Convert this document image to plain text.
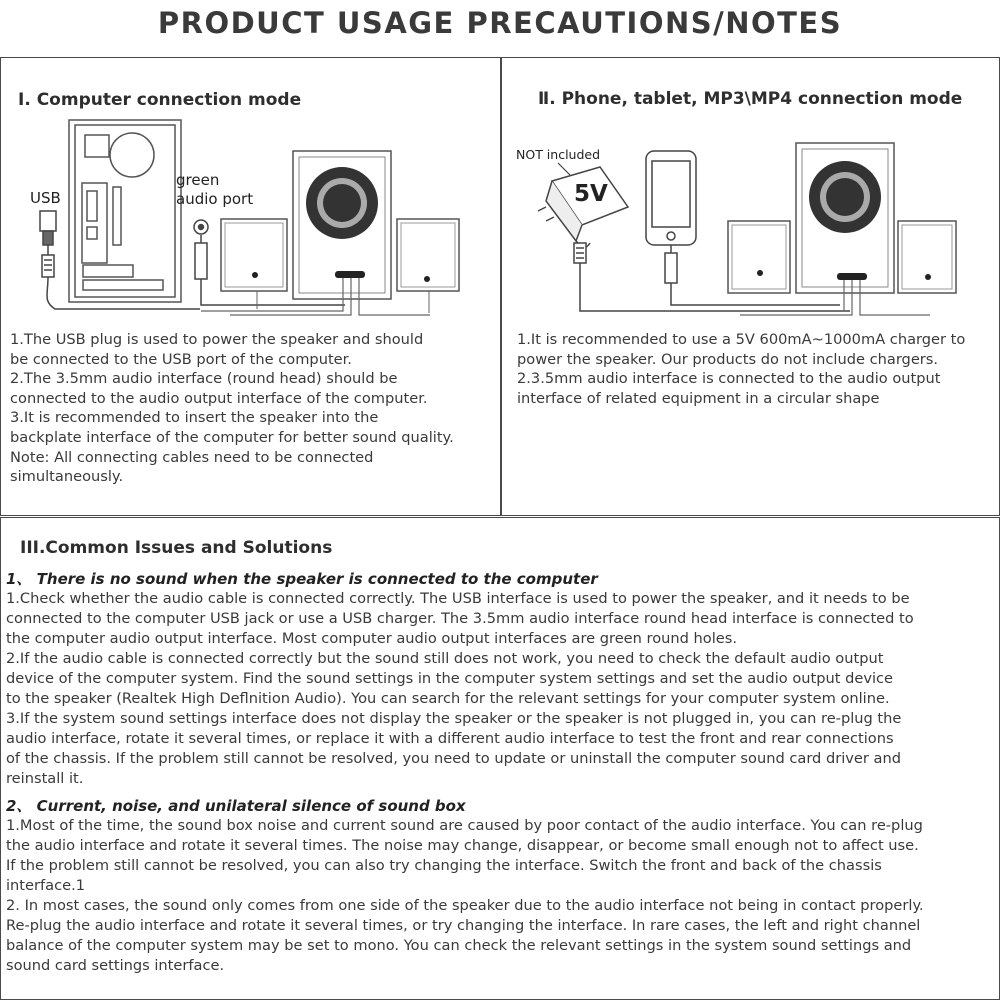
PRODUCT USAGE PRECAUTIONS/NOTES
Ⅰ. Computer connection mode
USB
green
audio port
1.The USB plug is used to power the speaker and should
be connected to the USB port of the computer.
2.The 3.5mm audio interface (round head) should be
connected to the audio output interface of the computer.
3.It is recommended to insert the speaker into the
backplate interface of the computer for better sound quality.
Note: All connecting cables need to be connected
simultaneously.
Ⅱ. Phone, tablet, MP3\MP4 connection mode
NOT included
5V
1.It is recommended to use a 5V 600mA~1000mA charger to
power the speaker. Our products do not include chargers.
2.3.5mm audio interface is connected to the audio output
interface of related equipment in a circular shape
III.Common Issues and Solutions
1、 There is no sound when the speaker is connected to the computer
1.Check whether the audio cable is connected correctly. The USB interface is used to power the speaker, and it needs to be
connected to the computer USB jack or use a USB charger. The 3.5mm audio interface round head interface is connected to
the computer audio output interface. Most computer audio output interfaces are green round holes.
2.If the audio cable is connected correctly but the sound still does not work, you need to check the default audio output
device of the computer system. Find the sound settings in the computer system settings and set the audio output device
to the speaker (Realtek High Deflnition Audio). You can search for the relevant settings for your computer system online.
3.If the system sound settings interface does not display the speaker or the speaker is not plugged in, you can re-plug the
audio interface, rotate it several times, or replace it with a different audio interface to test the front and rear connections
of the chassis. If the problem still cannot be resolved, you need to update or uninstall the computer sound card driver and
reinstall it.
2、 Current, noise, and unilateral silence of sound box
1.Most of the time, the sound box noise and current sound are caused by poor contact of the audio interface. You can re-plug
the audio interface and rotate it several times. The noise may change, disappear, or become small enough not to affect use.
If the problem still cannot be resolved, you can also try changing the interface. Switch the front and back of the chassis
interface.1
2. In most cases, the sound only comes from one side of the speaker due to the audio interface not being in contact properly.
Re-plug the audio interface and rotate it several times, or try changing the interface. In rare cases, the left and right channel
balance of the computer system may be set to mono. You can check the relevant settings in the system sound settings and
sound card settings interface.
